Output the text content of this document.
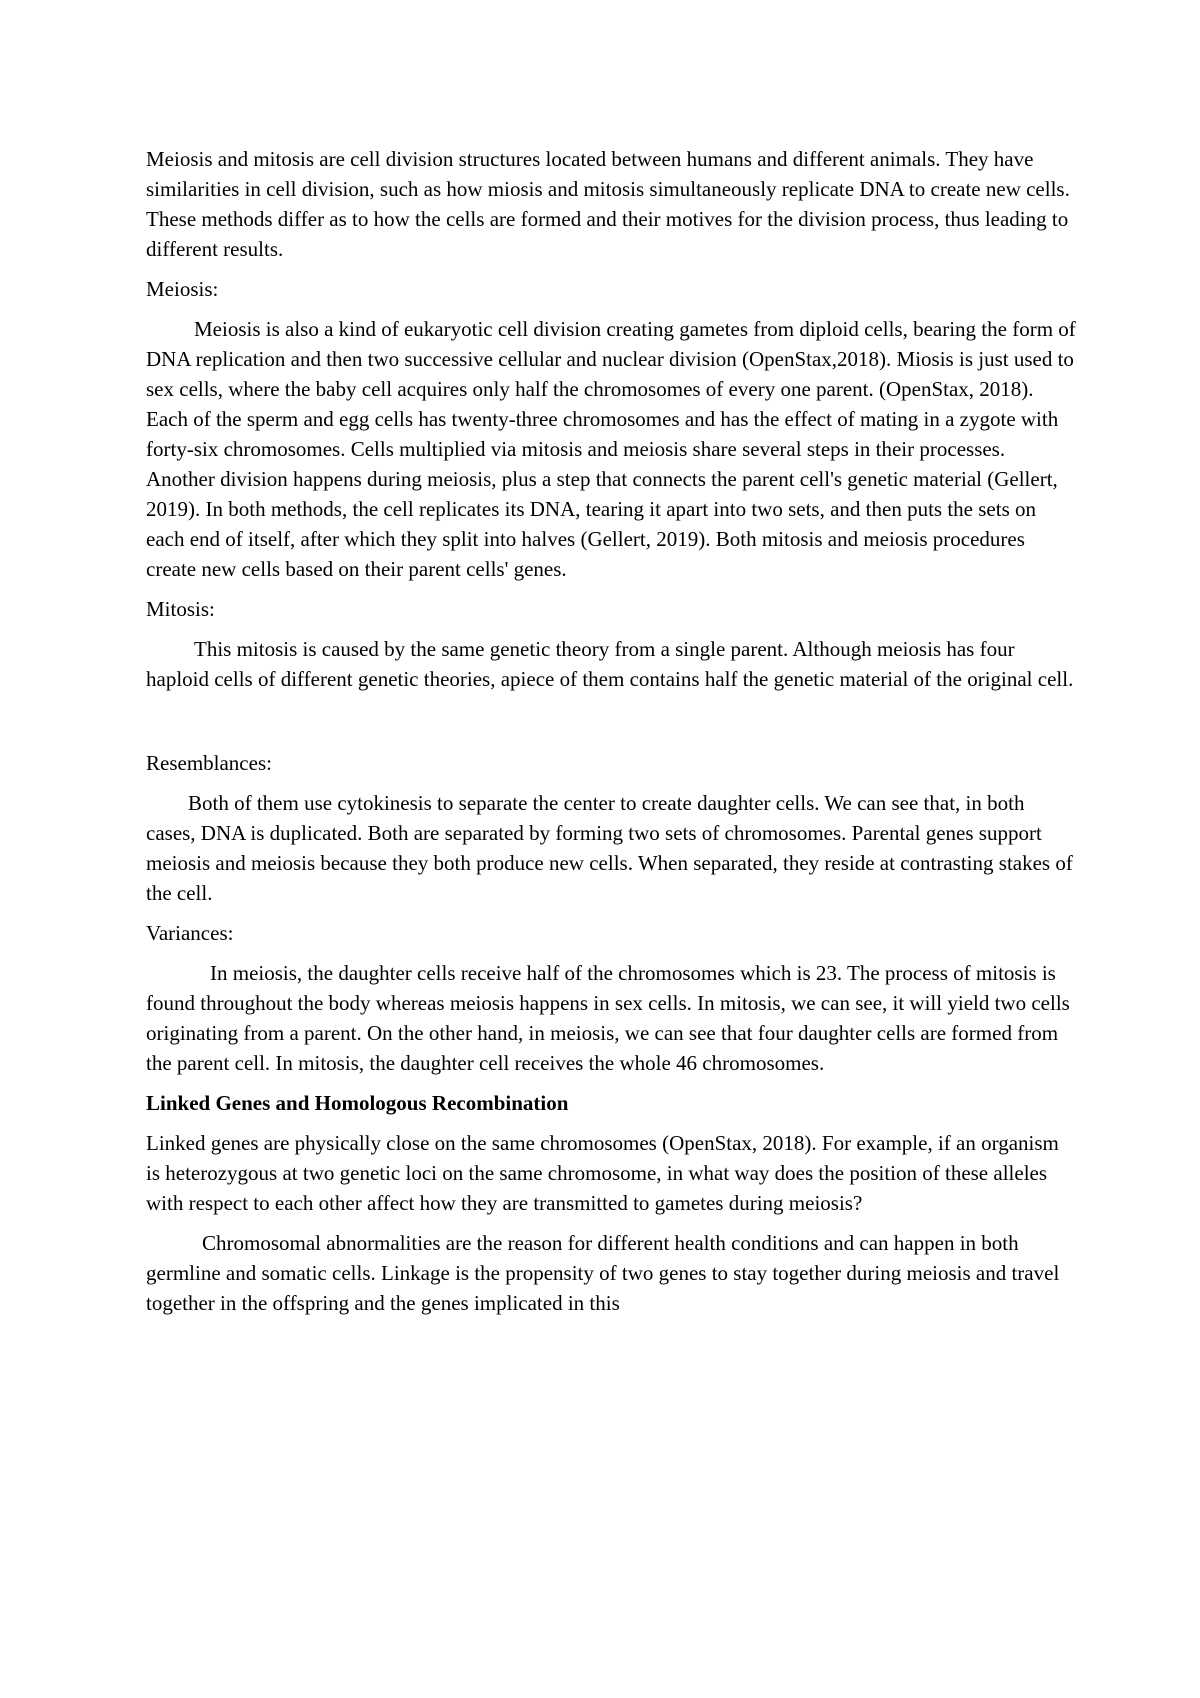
Meiosis and mitosis are cell division structures located between humans and different animals. They have similarities in cell division, such as how miosis and mitosis simultaneously replicate DNA to create new cells. These methods differ as to how the cells are formed and their motives for the division process, thus leading to different results.

Meiosis:

Meiosis is also a kind of eukaryotic cell division creating gametes from diploid cells, bearing the form of DNA replication and then two successive cellular and nuclear division (OpenStax,2018). Miosis is just used to sex cells, where the baby cell acquires only half the chromosomes of every one parent. (OpenStax, 2018). Each of the sperm and egg cells has twenty-three chromosomes and has the effect of mating in a zygote with forty-six chromosomes. Cells multiplied via mitosis and meiosis share several steps in their processes. Another division happens during meiosis, plus a step that connects the parent cell's genetic material (Gellert, 2019). In both methods, the cell replicates its DNA, tearing it apart into two sets, and then puts the sets on each end of itself, after which they split into halves (Gellert, 2019). Both mitosis and meiosis procedures create new cells based on their parent cells' genes.

Mitosis:

This mitosis is caused by the same genetic theory from a single parent. Although meiosis has four haploid cells of different genetic theories, apiece of them contains half the genetic material of the original cell.

Resemblances:

Both of them use cytokinesis to separate the center to create daughter cells. We can see that, in both cases, DNA is duplicated. Both are separated by forming two sets of chromosomes. Parental genes support meiosis and meiosis because they both produce new cells. When separated, they reside at contrasting stakes of the cell.

Variances:

In meiosis, the daughter cells receive half of the chromosomes which is 23. The process of mitosis is found throughout the body whereas meiosis happens in sex cells. In mitosis, we can see, it will yield two cells originating from a parent. On the other hand, in meiosis, we can see that four daughter cells are formed from the parent cell. In mitosis, the daughter cell receives the whole 46 chromosomes.

Linked Genes and Homologous Recombination

Linked genes are physically close on the same chromosomes (OpenStax, 2018). For example, if an organism is heterozygous at two genetic loci on the same chromosome, in what way does the position of these alleles with respect to each other affect how they are transmitted to gametes during meiosis?

Chromosomal abnormalities are the reason for different health conditions and can happen in both germline and somatic cells. Linkage is the propensity of two genes to stay together during meiosis and travel together in the offspring and the genes implicated in this
